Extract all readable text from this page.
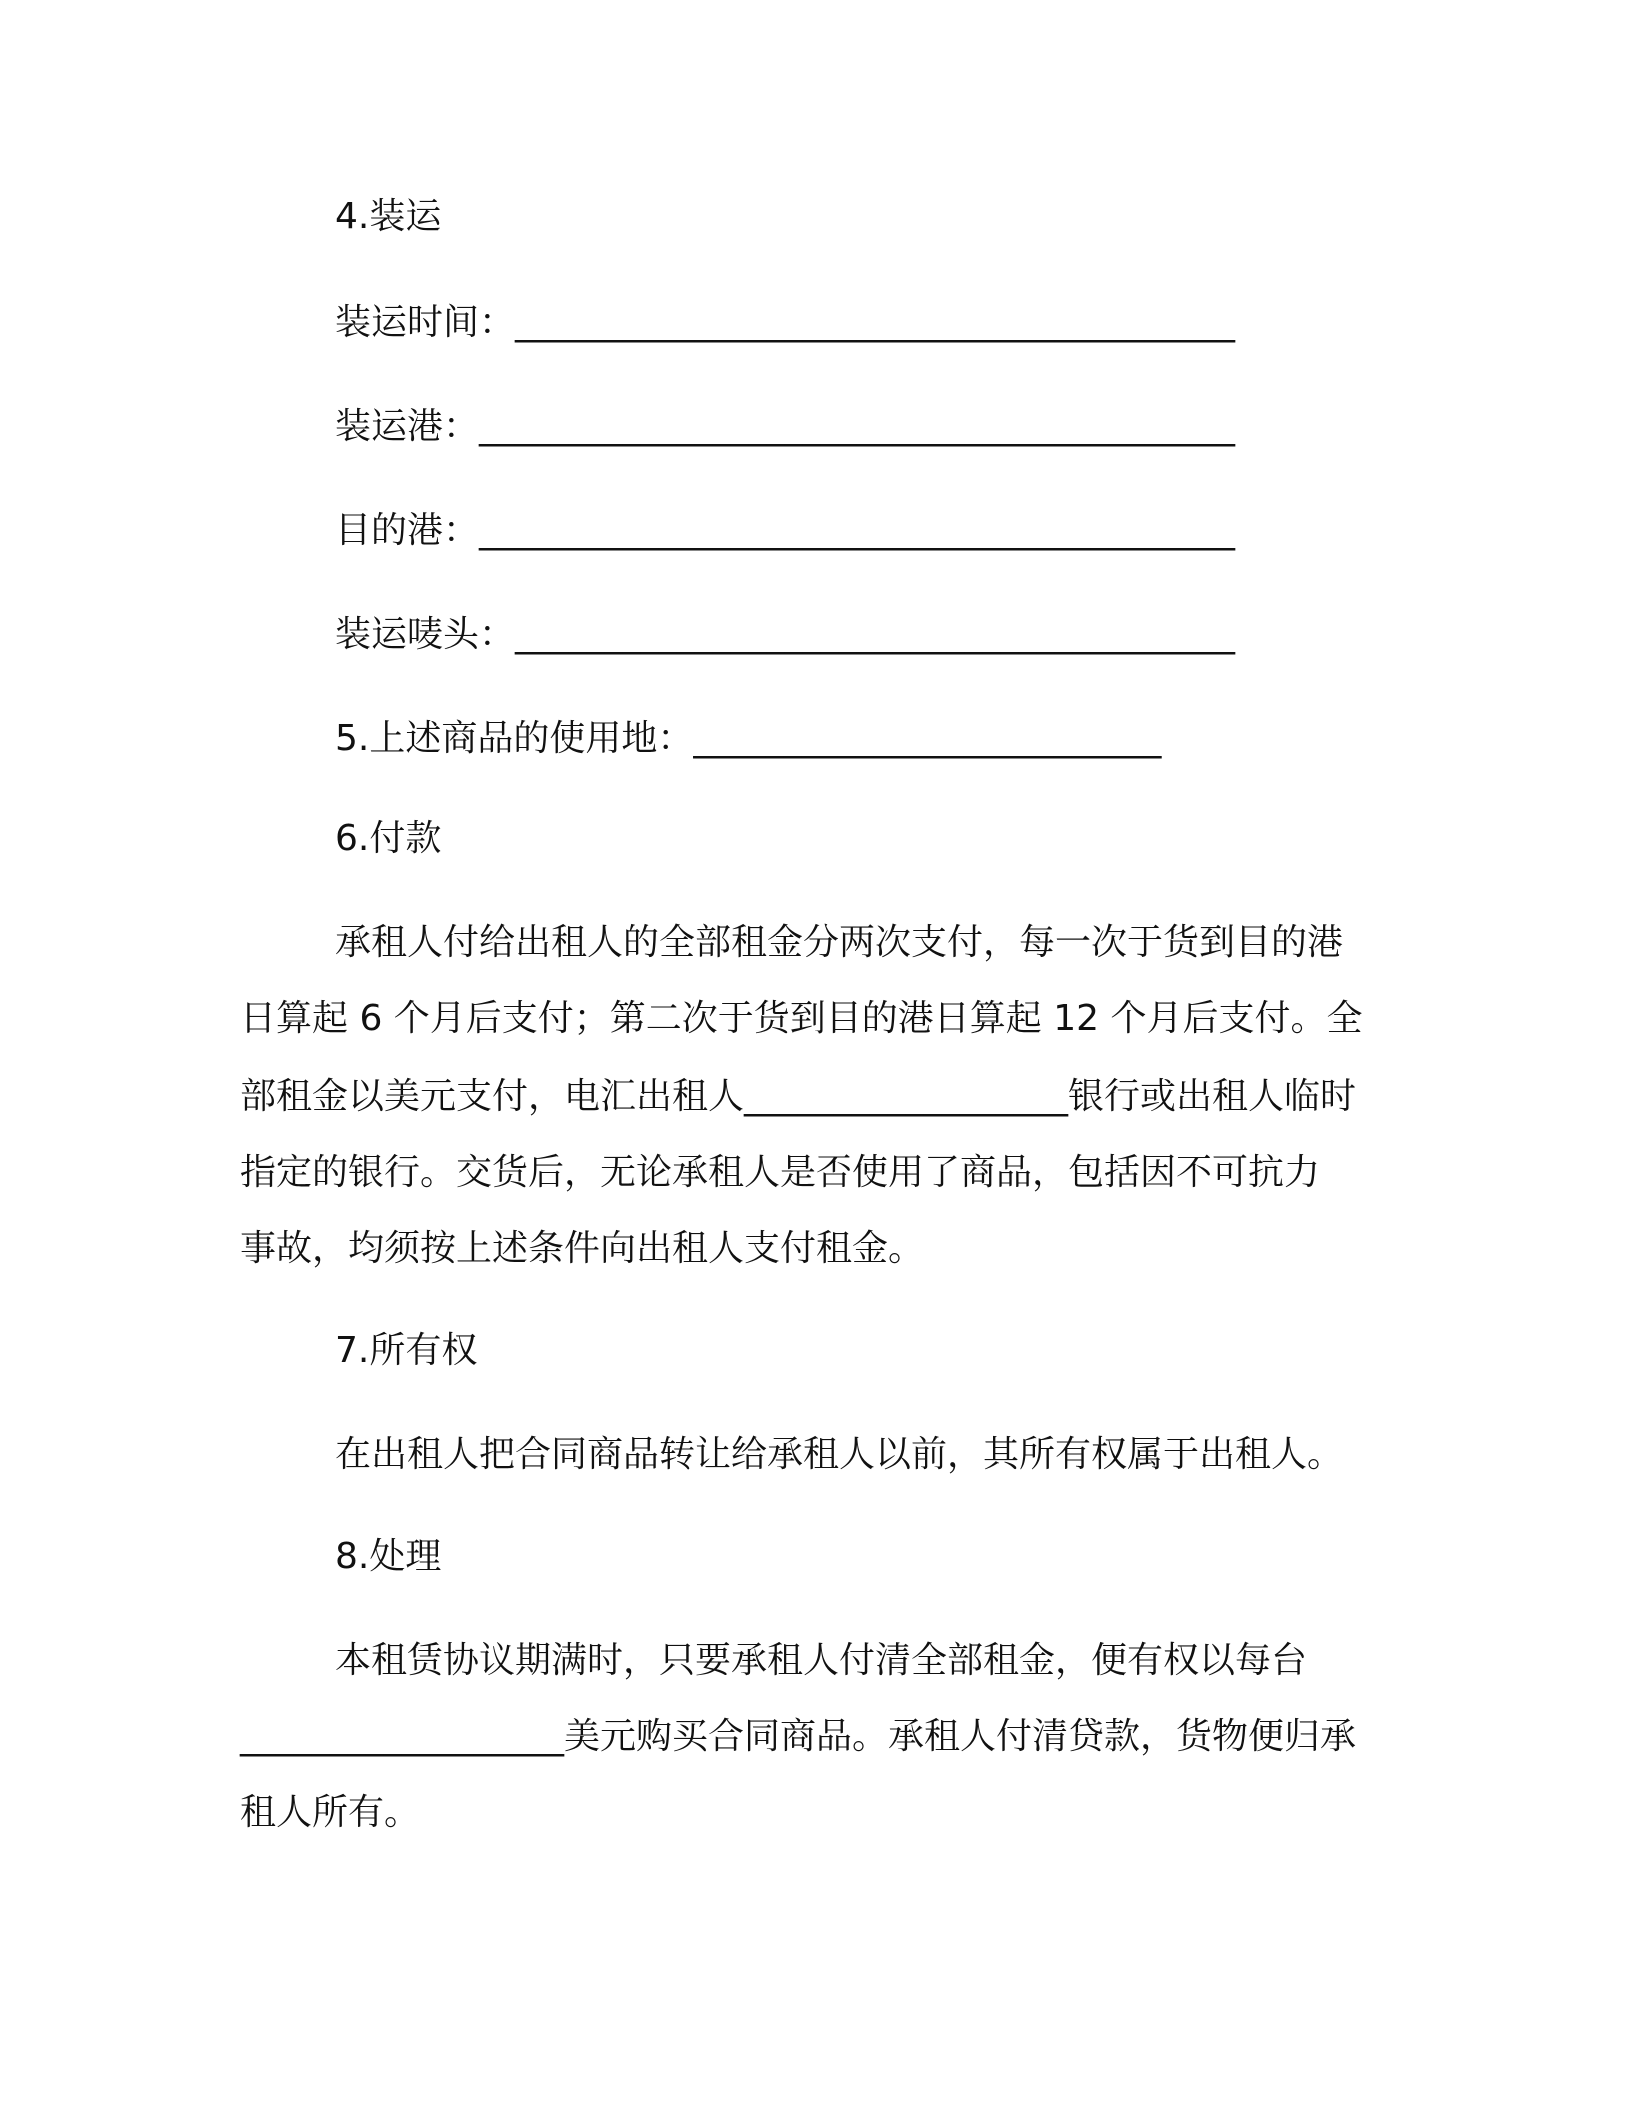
4.装运
装运时间：________________________________________
装运港：__________________________________________
目的港：__________________________________________
装运唛头：________________________________________
5.上述商品的使用地：__________________________
6.付款
承租人付给出租人的全部租金分两次支付，每一次于货到目的港
日算起 6 个月后支付；第二次于货到目的港日算起 12 个月后支付。全
部租金以美元支付，电汇出租人__________________银行或出租人临时
指定的银行。交货后，无论承租人是否使用了商品，包括因不可抗力
事故，均须按上述条件向出租人支付租金。
7.所有权
在出租人把合同商品转让给承租人以前，其所有权属于出租人。
8.处理
本租赁协议期满时，只要承租人付清全部租金，便有权以每台
__________________美元购买合同商品。承租人付清贷款，货物便归承
租人所有。
